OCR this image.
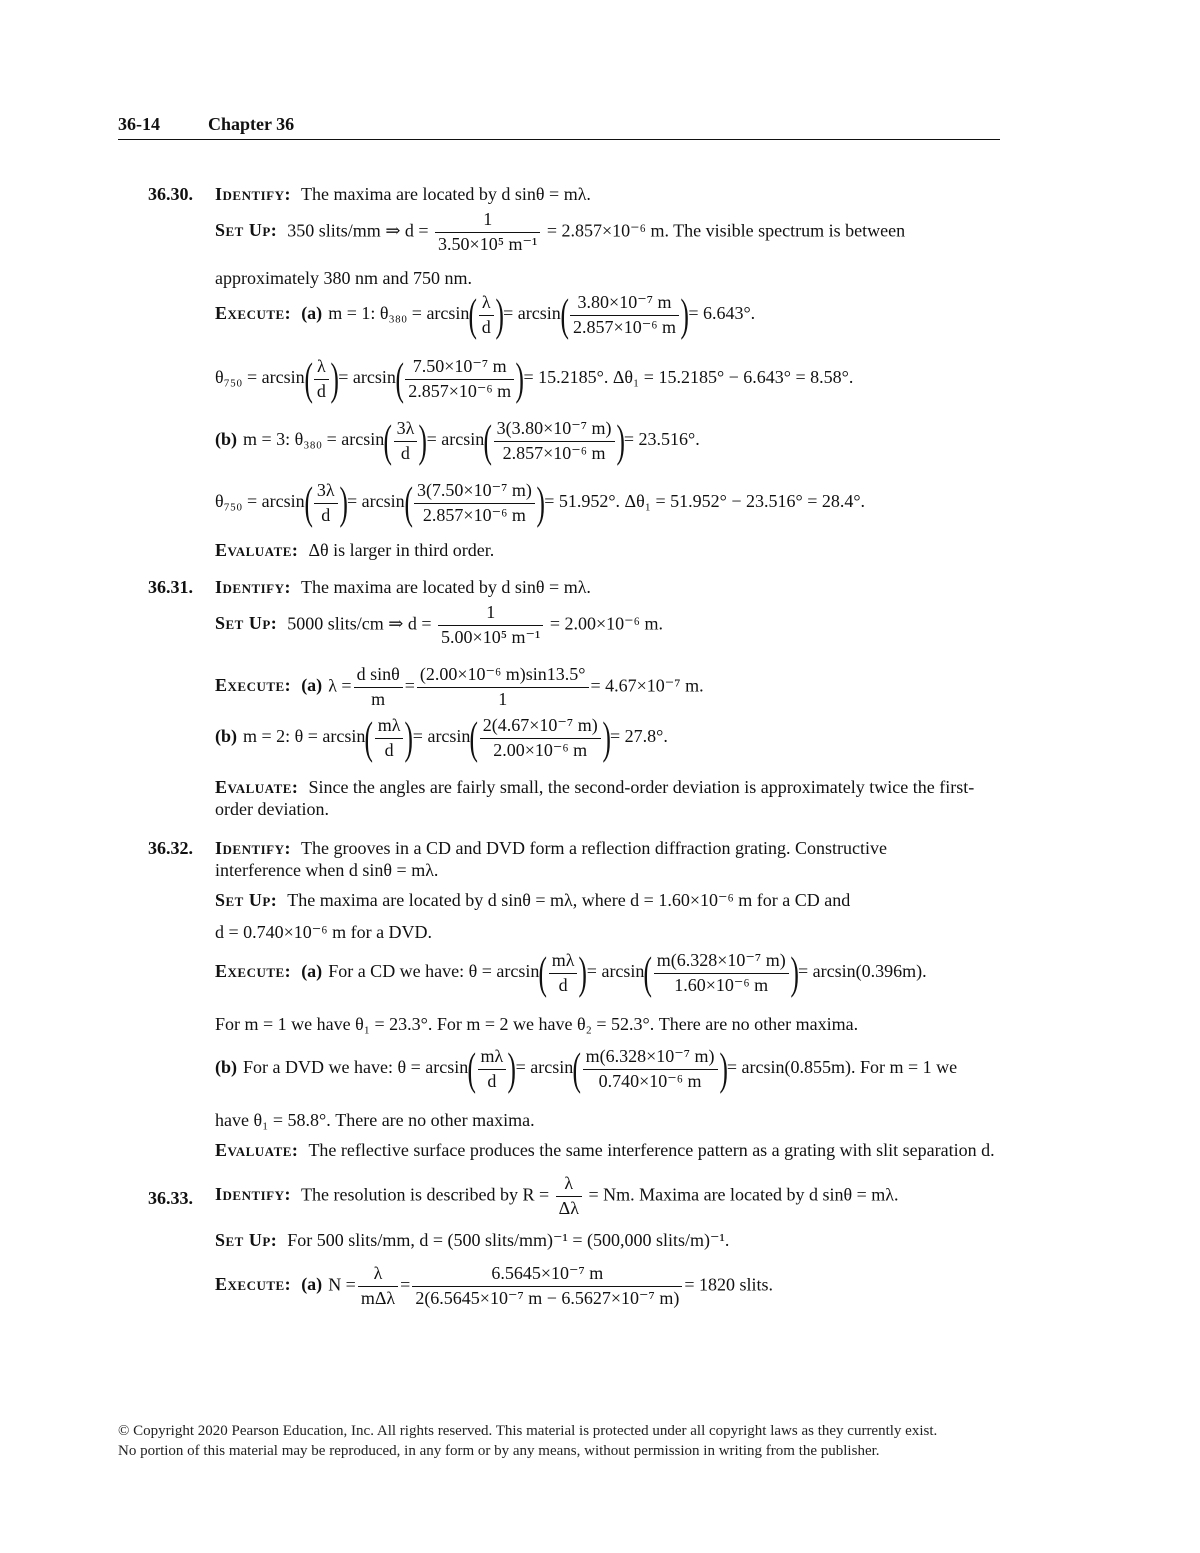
36-14	Chapter 36
36.30. Identify: The maxima are located by d sinθ = mλ.
Set Up: 350 slits/mm ⇒ $d = \frac{1}{\text{3.50×10⁵ m⁻¹}} = 2.857\times 10^{-6}$ m. The visible spectrum is between
approximately 380 nm and 750 nm.
Execute: (a) m = 1: $\theta_{380} = \arcsin( \frac{\lambda}{d}$ )= $\arcsin( \frac{\text{3.80×10⁻⁷ m}}{\text{2.857×10⁻⁶ m}}$ )= 6.643°.
$\theta_{750} = \arcsin( \frac{\lambda}{d}$ )= $\arcsin( \frac{\text{7.50×10⁻⁷ m}}{\text{2.857×10⁻⁶ m}}$ )= 15.2185°. Δθ₁ = 15.2185° − 6.643° = 8.58°.
(b) m = 3: $\theta_{380} = \arcsin( \frac{3\lambda}{d}$ )= $\arcsin( \frac{\text{3(3.80×10⁻⁷ m)}}{\text{2.857×10⁻⁶ m}}$ )= 23.516°.
$\theta_{750} = \arcsin( \frac{3\lambda}{d}$ )= $\arcsin( \frac{\text{3(7.50×10⁻⁷ m)}}{\text{2.857×10⁻⁶ m}}$ )= 51.952°. Δθ₁ = 51.952° − 23.516° = 28.4°.
Evaluate: Δθ is larger in third order.
36.31. Identify: The maxima are located by d sinθ = mλ.
Set Up: 5000 slits/cm ⇒ $d = \frac{1}{\text{5.00×10⁵ m⁻¹}} = 2.00\times 10^{-6}$ m.
Execute: (a) $\lambda = \frac{\text{d sinθ}}{m} = \frac{\text{(2.00×10⁻⁶ m)sin13.5°}}{1} = 4.67\times 10^{-7}$ m.
(b) m = 2: $\theta = \arcsin( \frac{m\lambda}{d}$ )= $\arcsin( \frac{\text{2(4.67×10⁻⁷ m)}}{\text{2.00×10⁻⁶ m}}$ )= 27.8°.
Evaluate: Since the angles are fairly small, the second-order deviation is approximately twice the first-order deviation.
36.32. Identify: The grooves in a CD and DVD form a reflection diffraction grating. Constructive interference when d sinθ = mλ.
Set Up: The maxima are located by d sinθ = mλ, where d = 1.60×10⁻⁶ m for a CD and
d = 0.740×10⁻⁶ m for a DVD.
Execute: (a) For a CD we have: $\theta = \arcsin( \frac{m\lambda}{d}$ )= $\arcsin( \frac{\text{m(6.328×10⁻⁷ m)}}{\text{1.60×10⁻⁶ m}}$ )= arcsin(0.396m).
For m = 1 we have θ₁ = 23.3°. For m = 2 we have θ₂ = 52.3°. There are no other maxima.
(b) For a DVD we have: $\theta = \arcsin( \frac{m\lambda}{d}$ )= $\arcsin( \frac{\text{m(6.328×10⁻⁷ m)}}{\text{0.740×10⁻⁶ m}}$ )= arcsin(0.855m). For m = 1 we
have θ₁ = 58.8°. There are no other maxima.
Evaluate: The reflective surface produces the same interference pattern as a grating with slit separation d.
36.33. Identify: The resolution is described by $R = \frac{\lambda}{\Delta\lambda} = Nm$. Maxima are located by d sinθ = mλ.
Set Up: For 500 slits/mm, d = (500 slits/mm)⁻¹ = (500,000 slits/m)⁻¹.
Execute: (a) $N = \frac{\lambda}{\text{mΔλ}} = \frac{\text{6.5645×10⁻⁷ m}}{\text{2(6.5645×10⁻⁷ m − 6.5627×10⁻⁷ m)}} = 1820$ slits.
© Copyright 2020 Pearson Education, Inc. All rights reserved. This material is protected under all copyright laws as they currently exist.
No portion of this material may be reproduced, in any form or by any means, without permission in writing from the publisher.
